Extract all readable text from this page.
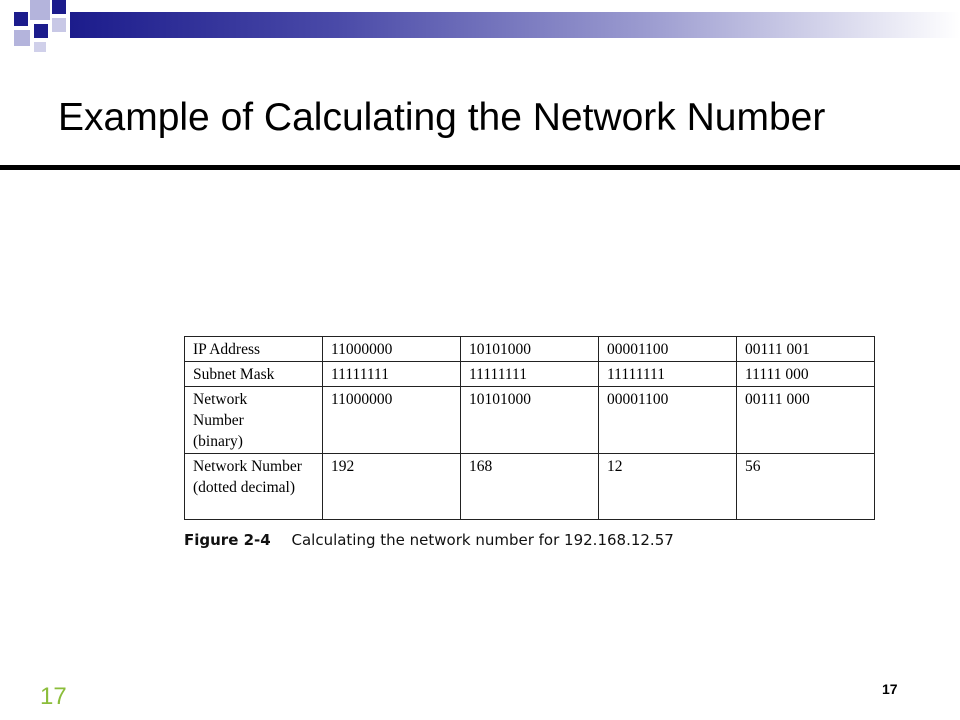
Example of Calculating the Network Number
IP Address	11000000	10101000	00001100	00111 001
Subnet Mask	11111111	11111111	11111111	11111 000
Network Number (binary)	11000000	10101000	00001100	00111 000
Network Number (dotted decimal)	192	168	12	56
Figure 2-4 Calculating the network number for 192.168.12.57
17
17
